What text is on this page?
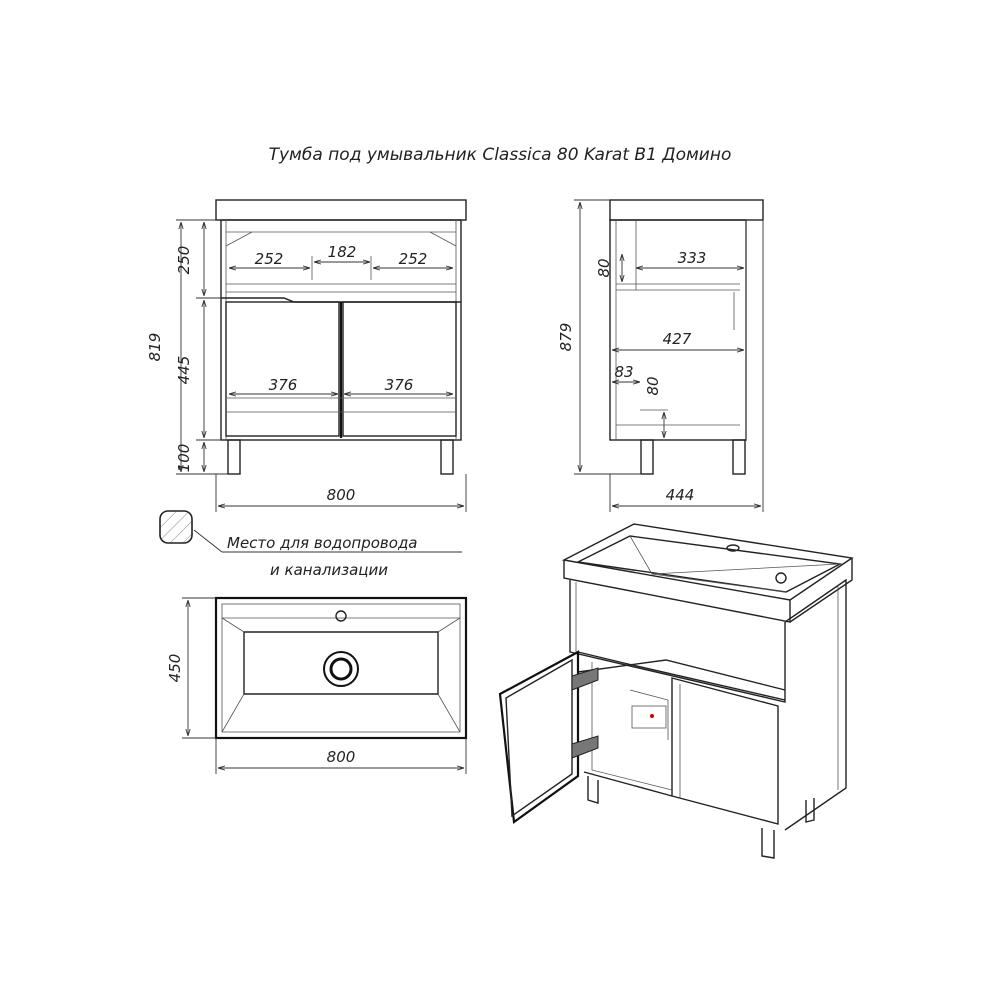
Тумба под умывальник Classica 80 Karat B1 Домино
819
250
445
100
252	182	252
376	376
800
879
80
333
427
83
80
444
Место для водопровода
и канализации
450
800
